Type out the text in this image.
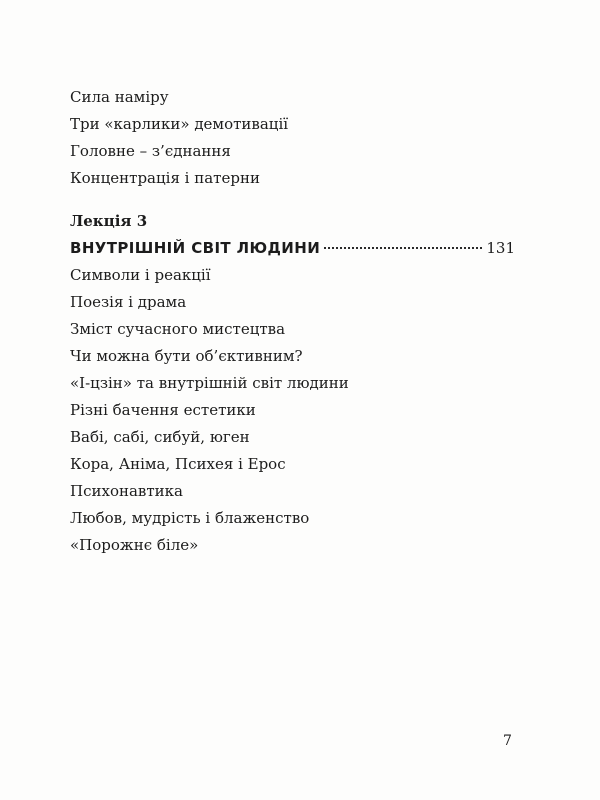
Сила наміру
Три «карлики» демотивації
Головне – з’єднання
Концентрація і патерни
Лекція 3
ВНУТРІШНІЙ СВІТ ЛЮДИНИ	131
Символи і реакції
Поезія і драма
Зміст сучасного мистецтва
Чи можна бути об’єктивним?
«І-цзін» та внутрішній світ людини
Різні бачення естетики
Вабі, сабі, сибуй, юген
Кора, Аніма, Психея і Ерос
Психонавтика
Любов, мудрість і блаженство
«Порожнє біле»
7
